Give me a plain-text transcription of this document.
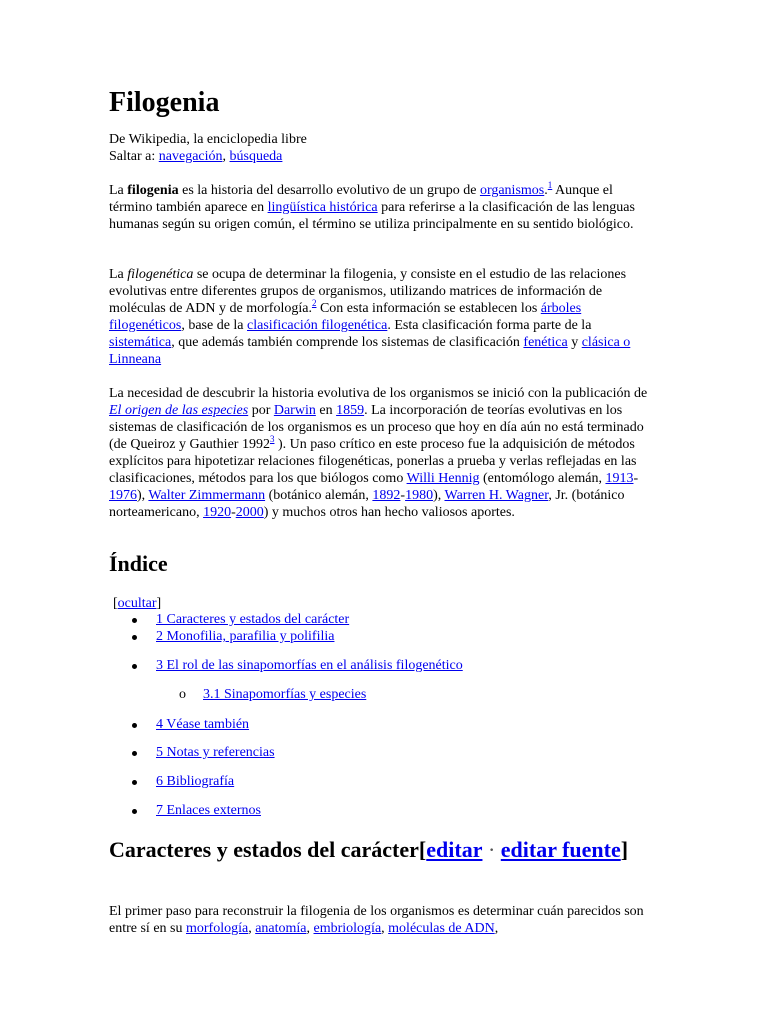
Filogenia
De Wikipedia, la enciclopedia libre
Saltar a: navegación, búsqueda

La filogenia es la historia del desarrollo evolutivo de un grupo de organismos.$^1$ Aunque el término también aparece en lingüística histórica para referirse a la clasificación de las lenguas humanas según su origen común, el término se utiliza principalmente en su sentido biológico.

La filogenética se ocupa de determinar la filogenia, y consiste en el estudio de las relaciones evolutivas entre diferentes grupos de organismos, utilizando matrices de información de moléculas de ADN y de morfología.$^2$ Con esta información se establecen los árboles filogenéticos, base de la clasificación filogenética. Esta clasificación forma parte de la sistemática, que además también comprende los sistemas de clasificación fenética y clásica o Linneana

La necesidad de descubrir la historia evolutiva de los organismos se inició con la publicación de El origen de las especies por Darwin en 1859. La incorporación de teorías evolutivas en los sistemas de clasificación de los organismos es un proceso que hoy en día aún no está terminado (de Queiroz y Gauthier 1992$^3$ ). Un paso crítico en este proceso fue la adquisición de métodos explícitos para hipotetizar relaciones filogenéticas, ponerlas a prueba y verlas reflejadas en las clasificaciones, métodos para los que biólogos como Willi Hennig (entomólogo alemán, 1913-1976), Walter Zimmermann (botánico alemán, 1892-1980), Warren H. Wagner, Jr. (botánico norteamericano, 1920-2000) y muchos otros han hecho valiosos aportes.

Índice
[ocultar]
1 Caracteres y estados del carácter
2 Monofilia, parafilia y polifilia
3 El rol de las sinapomorfías en el análisis filogenético
o 3.1 Sinapomorfías y especies
4 Véase también
5 Notas y referencias
6 Bibliografía
7 Enlaces externos
Caracteres y estados del carácter[editar · editar fuente]

El primer paso para reconstruir la filogenia de los organismos es determinar cuán parecidos son entre sí en su morfología, anatomía, embriología, moléculas de ADN,
